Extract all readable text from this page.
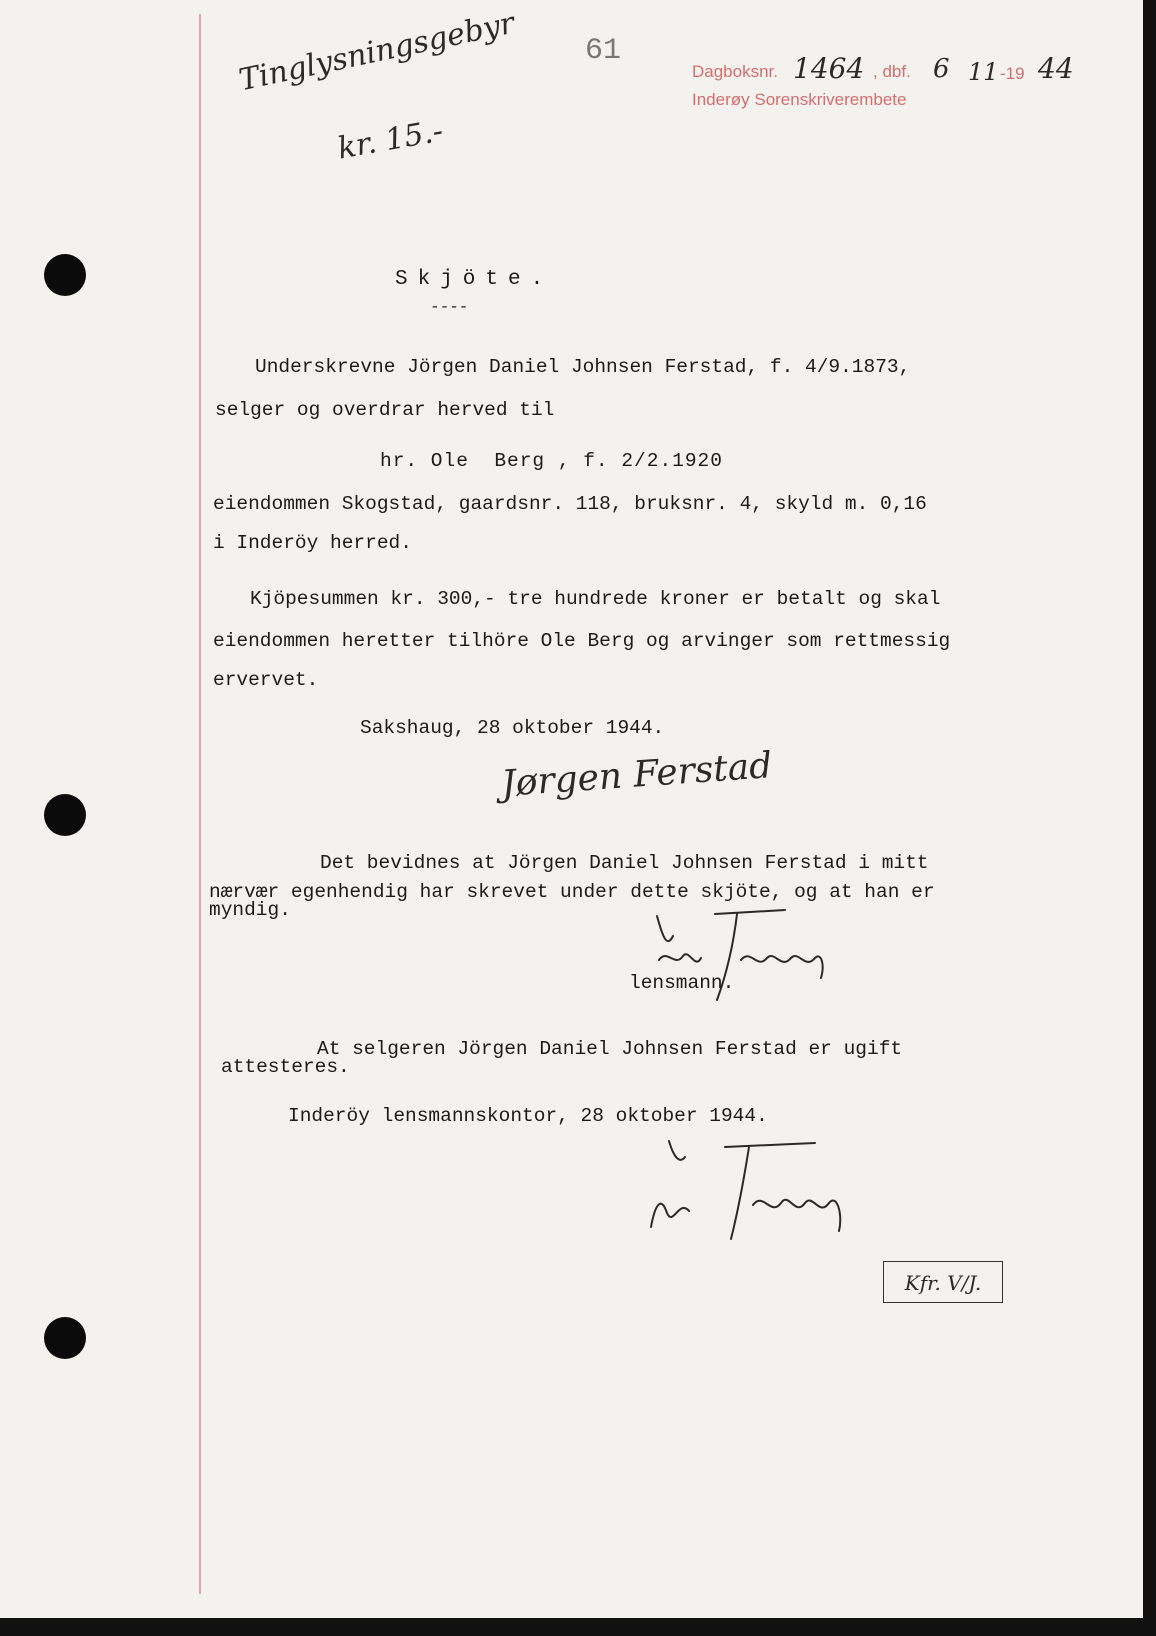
61
Dagboksnr. 1464 , dbf. 6 11 -19 44
Inderøy Sorenskriverembete
Tinglysningsgebyr
kr. 15.-
Skjöte.
----
Underskrevne Jörgen Daniel Johnsen Ferstad, f. 4/9.1873,
selger og overdrar herved til
hr. Ole  Berg , f. 2/2.1920
eiendommen Skogstad, gaardsnr. 118, bruksnr. 4, skyld m. 0,16
i Inderöy herred.
Kjöpesummen kr. 300,- tre hundrede kroner er betalt og skal
eiendommen heretter tilhöre Ole Berg og arvinger som rettmessig
ervervet.
Sakshaug, 28 oktober 1944.
Jørgen Ferstad
Det bevidnes at Jörgen Daniel Johnsen Ferstad i mitt
nærvær egenhendig har skrevet under dette skjöte, og at han er
myndig.
lensmann.
At selgeren Jörgen Daniel Johnsen Ferstad er ugift
attesteres.
Inderöy lensmannskontor, 28 oktober 1944.
Kfr. V/J.
